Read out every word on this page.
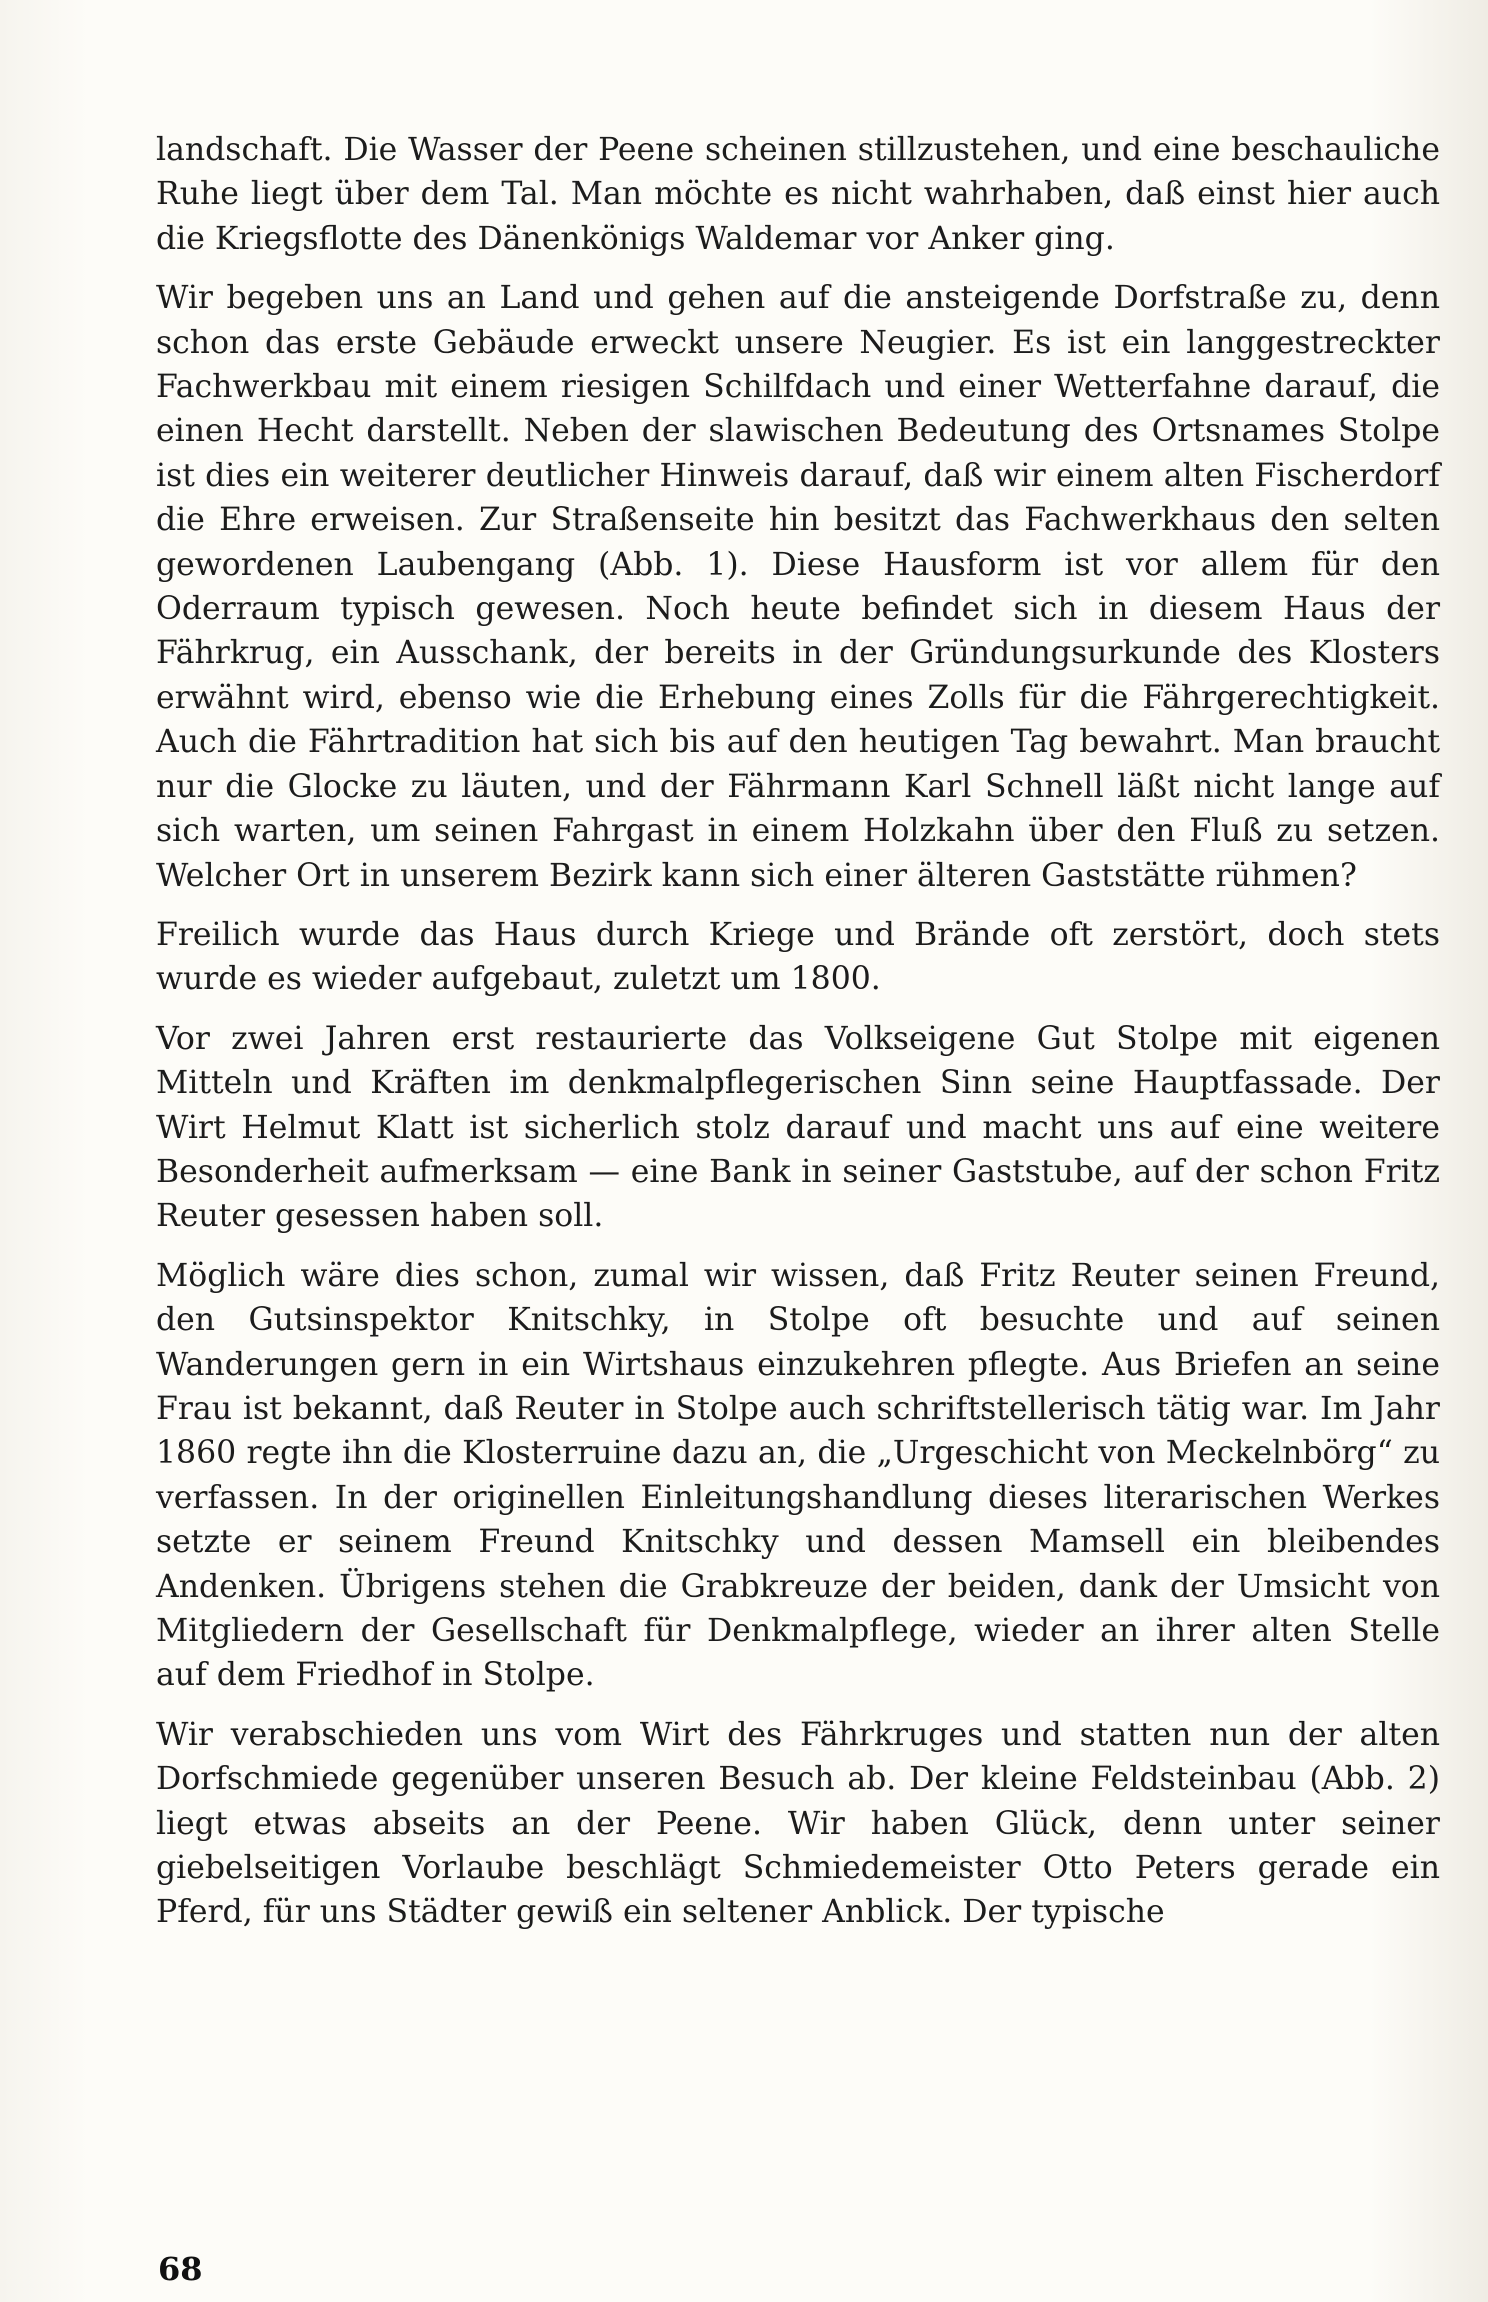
landschaft. Die Wasser der Peene scheinen stillzustehen, und eine beschauliche Ruhe liegt über dem Tal. Man möchte es nicht wahrhaben, daß einst hier auch die Kriegsflotte des Dänenkönigs Waldemar vor Anker ging.

Wir begeben uns an Land und gehen auf die ansteigende Dorfstraße zu, denn schon das erste Gebäude erweckt unsere Neugier. Es ist ein langgestreckter Fachwerkbau mit einem riesigen Schilfdach und einer Wetterfahne darauf, die einen Hecht darstellt. Neben der slawischen Bedeutung des Ortsnames Stolpe ist dies ein weiterer deutlicher Hinweis darauf, daß wir einem alten Fischerdorf die Ehre erweisen. Zur Straßenseite hin besitzt das Fachwerkhaus den selten gewordenen Laubengang (Abb. 1). Diese Hausform ist vor allem für den Oderraum typisch gewesen. Noch heute befindet sich in diesem Haus der Fährkrug, ein Ausschank, der bereits in der Gründungsurkunde des Klosters erwähnt wird, ebenso wie die Erhebung eines Zolls für die Fährgerechtigkeit. Auch die Fährtradition hat sich bis auf den heutigen Tag bewahrt. Man braucht nur die Glocke zu läuten, und der Fährmann Karl Schnell läßt nicht lange auf sich warten, um seinen Fahrgast in einem Holzkahn über den Fluß zu setzen. Welcher Ort in unserem Bezirk kann sich einer älteren Gaststätte rühmen?

Freilich wurde das Haus durch Kriege und Brände oft zerstört, doch stets wurde es wieder aufgebaut, zuletzt um 1800.

Vor zwei Jahren erst restaurierte das Volkseigene Gut Stolpe mit eigenen Mitteln und Kräften im denkmalpflegerischen Sinn seine Hauptfassade. Der Wirt Helmut Klatt ist sicherlich stolz darauf und macht uns auf eine weitere Besonderheit aufmerksam — eine Bank in seiner Gaststube, auf der schon Fritz Reuter gesessen haben soll.

Möglich wäre dies schon, zumal wir wissen, daß Fritz Reuter seinen Freund, den Gutsinspektor Knitschky, in Stolpe oft besuchte und auf seinen Wanderungen gern in ein Wirtshaus einzukehren pflegte. Aus Briefen an seine Frau ist bekannt, daß Reuter in Stolpe auch schriftstellerisch tätig war. Im Jahr 1860 regte ihn die Klosterruine dazu an, die „Urgeschicht von Meckelnbörg“ zu verfassen. In der originellen Einleitungshandlung dieses literarischen Werkes setzte er seinem Freund Knitschky und dessen Mamsell ein bleibendes Andenken. Übrigens stehen die Grabkreuze der beiden, dank der Umsicht von Mitgliedern der Gesellschaft für Denkmalpflege, wieder an ihrer alten Stelle auf dem Friedhof in Stolpe.

Wir verabschieden uns vom Wirt des Fährkruges und statten nun der alten Dorfschmiede gegenüber unseren Besuch ab. Der kleine Feldsteinbau (Abb. 2) liegt etwas abseits an der Peene. Wir haben Glück, denn unter seiner giebelseitigen Vorlaube beschlägt Schmiedemeister Otto Peters gerade ein Pferd, für uns Städter gewiß ein seltener Anblick. Der typische

68
